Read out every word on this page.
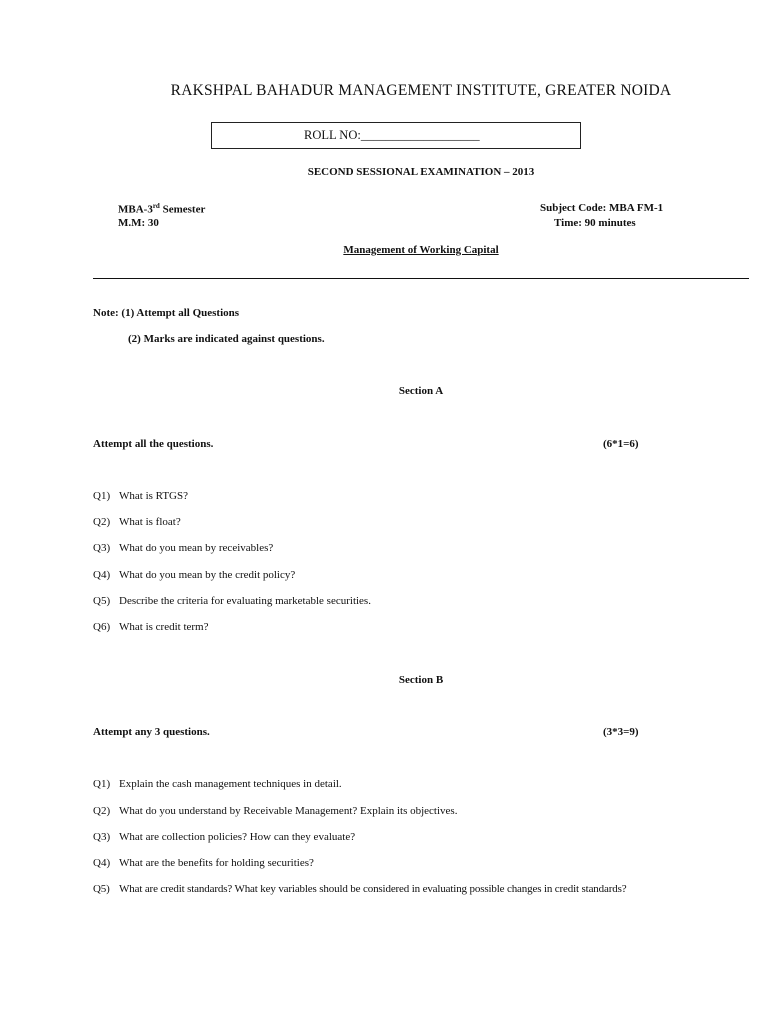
RAKSHPAL BAHADUR MANAGEMENT INSTITUTE, GREATER NOIDA
ROLL NO:___________________
SECOND SESSIONAL EXAMINATION – 2013
MBA-3rd Semester
M.M: 30
Subject Code: MBA FM-1
Time: 90 minutes
Management of Working Capital
Note: (1) Attempt all Questions
(2) Marks are indicated against questions.
Section A
Attempt all the questions.	(6*1=6)
Q1) What is RTGS?
Q2) What is float?
Q3) What do you mean by receivables?
Q4) What do you mean by the credit policy?
Q5) Describe the criteria for evaluating marketable securities.
Q6) What is credit term?
Section B
Attempt any 3 questions.	(3*3=9)
Q1) Explain the cash management techniques in detail.
Q2) What do you understand by Receivable Management? Explain its objectives.
Q3) What are collection policies? How can they evaluate?
Q4) What are the benefits for holding securities?
Q5) What are credit standards? What key variables should be considered in evaluating possible changes in credit standards?
